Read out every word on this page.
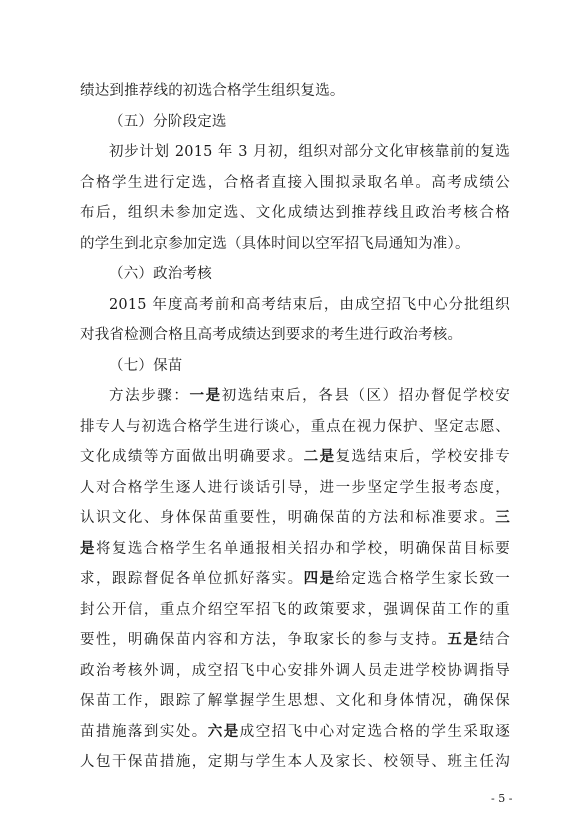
绩达到推荐线的初选合格学生组织复选。
（五）分阶段定选
初步计划 2015 年 3 月初，组织对部分文化审核靠前的复选
合格学生进行定选，合格者直接入围拟录取名单。高考成绩公
布后，组织未参加定选、文化成绩达到推荐线且政治考核合格
的学生到北京参加定选（具体时间以空军招飞局通知为准）。
（六）政治考核
2015 年度高考前和高考结束后，由成空招飞中心分批组织
对我省检测合格且高考成绩达到要求的考生进行政治考核。
（七）保苗
方法步骤：一是初选结束后，各县（区）招办督促学校安
排专人与初选合格学生进行谈心，重点在视力保护、坚定志愿、
文化成绩等方面做出明确要求。二是复选结束后，学校安排专
人对合格学生逐人进行谈话引导，进一步坚定学生报考态度，
认识文化、身体保苗重要性，明确保苗的方法和标准要求。三
是将复选合格学生名单通报相关招办和学校，明确保苗目标要
求，跟踪督促各单位抓好落实。四是给定选合格学生家长致一
封公开信，重点介绍空军招飞的政策要求，强调保苗工作的重
要性，明确保苗内容和方法，争取家长的参与支持。五是结合
政治考核外调，成空招飞中心安排外调人员走进学校协调指导
保苗工作，跟踪了解掌握学生思想、文化和身体情况，确保保
苗措施落到实处。六是成空招飞中心对定选合格的学生采取逐
人包干保苗措施，定期与学生本人及家长、校领导、班主任沟
- 5 -
